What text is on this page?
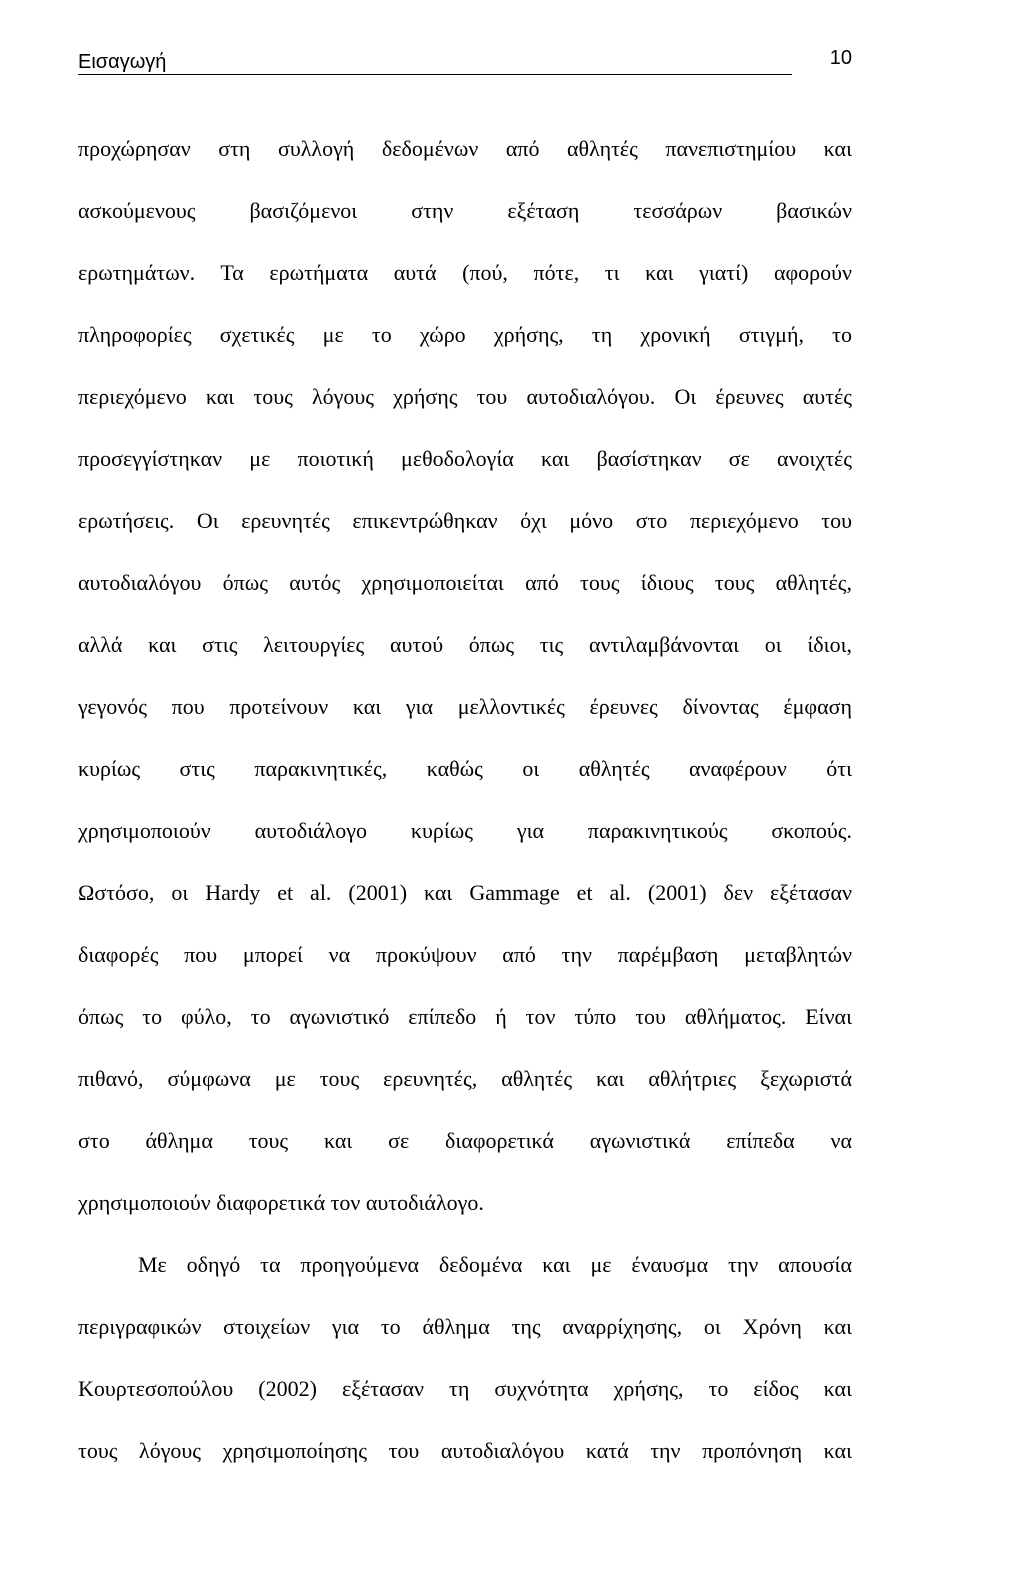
Εισαγωγή	10
προχώρησαν στη συλλογή δεδομένων από αθλητές πανεπιστημίου και
ασκούμενους βασιζόμενοι στην εξέταση τεσσάρων βασικών
ερωτημάτων. Τα ερωτήματα αυτά (πού, πότε, τι και γιατί) αφορούν
πληροφορίες σχετικές με το χώρο χρήσης, τη χρονική στιγμή, το
περιεχόμενο και τους λόγους χρήσης του αυτοδιαλόγου. Οι έρευνες αυτές
προσεγγίστηκαν με ποιοτική μεθοδολογία και βασίστηκαν σε ανοιχτές
ερωτήσεις. Οι ερευνητές επικεντρώθηκαν όχι μόνο στο περιεχόμενο του
αυτοδιαλόγου όπως αυτός χρησιμοποιείται από τους ίδιους τους αθλητές,
αλλά και στις λειτουργίες αυτού όπως τις αντιλαμβάνονται οι ίδιοι,
γεγονός που προτείνουν και για μελλοντικές έρευνες δίνοντας έμφαση
κυρίως στις παρακινητικές, καθώς οι αθλητές αναφέρουν ότι
χρησιμοποιούν αυτοδιάλογο κυρίως για παρακινητικούς σκοπούς.
Ωστόσο, οι Hardy et al. (2001) και Gammage et al. (2001) δεν εξέτασαν
διαφορές που μπορεί να προκύψουν από την παρέμβαση μεταβλητών
όπως το φύλο, το αγωνιστικό επίπεδο ή τον τύπο του αθλήματος. Είναι
πιθανό, σύμφωνα με τους ερευνητές, αθλητές και αθλήτριες ξεχωριστά
στο άθλημα τους και σε διαφορετικά αγωνιστικά επίπεδα να
χρησιμοποιούν διαφορετικά τον αυτοδιάλογο.
Με οδηγό τα προηγούμενα δεδομένα και με έναυσμα την απουσία
περιγραφικών στοιχείων για το άθλημα της αναρρίχησης, οι Χρόνη και
Κουρτεσοπούλου (2002) εξέτασαν τη συχνότητα χρήσης, το είδος και
τους λόγους χρησιμοποίησης του αυτοδιαλόγου κατά την προπόνηση και
